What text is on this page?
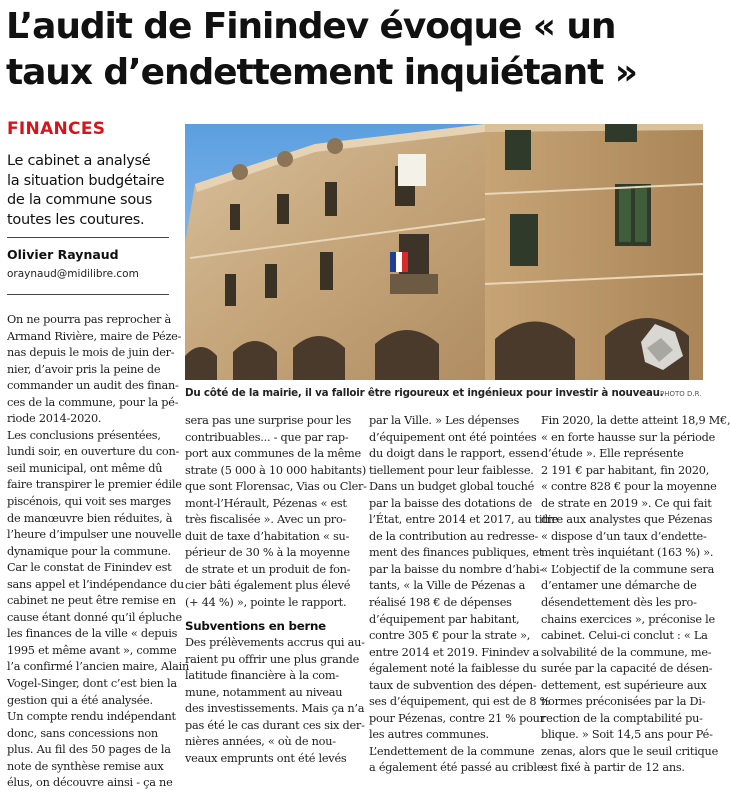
L’audit de Finindev évoque « un
taux d’endettement inquiétant »
FINANCES
Le cabinet a analysé
la situation budgétaire
de la commune sous
toutes les coutures.
Olivier Raynaud
oraynaud@midilibre.com
Du côté de la mairie, il va falloir être rigoureux et ingénieux pour investir à nouveau.
PHOTO D.R.
On ne pourra pas reprocher à
Armand Rivière, maire de Péze-
nas depuis le mois de juin der-
nier, d’avoir pris la peine de
commander un audit des finan-
ces de la commune, pour la pé-
riode 2014-2020.
Les conclusions présentées,
lundi soir, en ouverture du con-
seil municipal, ont même dû
faire transpirer le premier édile
piscénois, qui voit ses marges
de manœuvre bien réduites, à
l’heure d’impulser une nouvelle
dynamique pour la commune.
Car le constat de Finindev est
sans appel et l’indépendance du
cabinet ne peut être remise en
cause étant donné qu’il épluche
les finances de la ville « depuis
1995 et même avant », comme
l’a confirmé l’ancien maire, Alain
Vogel-Singer, dont c’est bien la
gestion qui a été analysée.
Un compte rendu indépendant
donc, sans concessions non
plus. Au fil des 50 pages de la
note de synthèse remise aux
élus, on découvre ainsi - ça ne
sera pas une surprise pour les
contribuables... - que par rap-
port aux communes de la même
strate (5 000 à 10 000 habitants)
que sont Florensac, Vias ou Cler-
mont-l’Hérault, Pézenas « est
très fiscalisée ». Avec un pro-
duit de taxe d’habitation « su-
périeur de 30 % à la moyenne
de strate et un produit de fon-
cier bâti également plus élevé
(+ 44 %) », pointe le rapport.
Subventions en berne
Des prélèvements accrus qui au-
raient pu offrir une plus grande
latitude financière à la com-
mune, notamment au niveau
des investissements. Mais ça n’a
pas été le cas durant ces six der-
nières années, « où de nou-
veaux emprunts ont été levés
par la Ville. » Les dépenses
d’équipement ont été pointées
du doigt dans le rapport, essen-
tiellement pour leur faiblesse.
Dans un budget global touché
par la baisse des dotations de
l’État, entre 2014 et 2017, au titre
de la contribution au redresse-
ment des finances publiques, et
par la baisse du nombre d’habi-
tants, « la Ville de Pézenas a
réalisé 198 € de dépenses
d’équipement par habitant,
contre 305 € pour la strate »,
entre 2014 et 2019. Finindev a
également noté la faiblesse du
taux de subvention des dépen-
ses d’équipement, qui est de 8 %
pour Pézenas, contre 21 % pour
les autres communes.
L’endettement de la commune
a également été passé au crible.
Fin 2020, la dette atteint 18,9 M€,
« en forte hausse sur la période
d’étude ». Elle représente
2 191 € par habitant, fin 2020,
« contre 828 € pour la moyenne
de strate en 2019 ». Ce qui fait
dire aux analystes que Pézenas
« dispose d’un taux d’endette-
ment très inquiétant (163 %) ».
« L’objectif de la commune sera
d’entamer une démarche de
désendettement dès les pro-
chains exercices », préconise le
cabinet. Celui-ci conclut : « La
solvabilité de la commune, me-
surée par la capacité de désen-
dettement, est supérieure aux
normes préconisées par la Di-
rection de la comptabilité pu-
blique. » Soit 14,5 ans pour Pé-
zenas, alors que le seuil critique
est fixé à partir de 12 ans.
